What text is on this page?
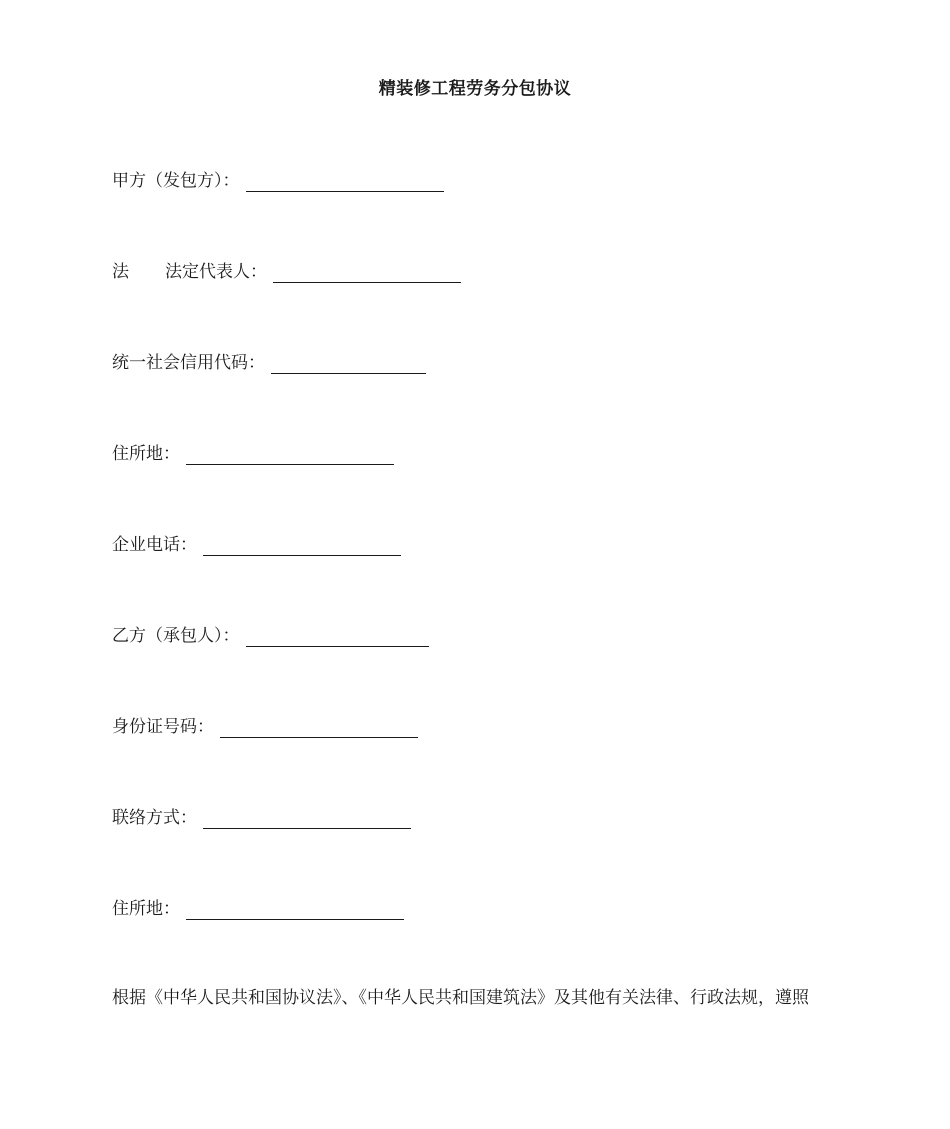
精装修工程劳务分包协议
甲方（发包方）：
法 法定代表人：
统一社会信用代码：
住所地：
企业电话：
乙方（承包人）：
身份证号码：
联络方式：
住所地：
根据《中华人民共和国协议法》、《中华人民共和国建筑法》及其他有关法律、行政法规，遵照
